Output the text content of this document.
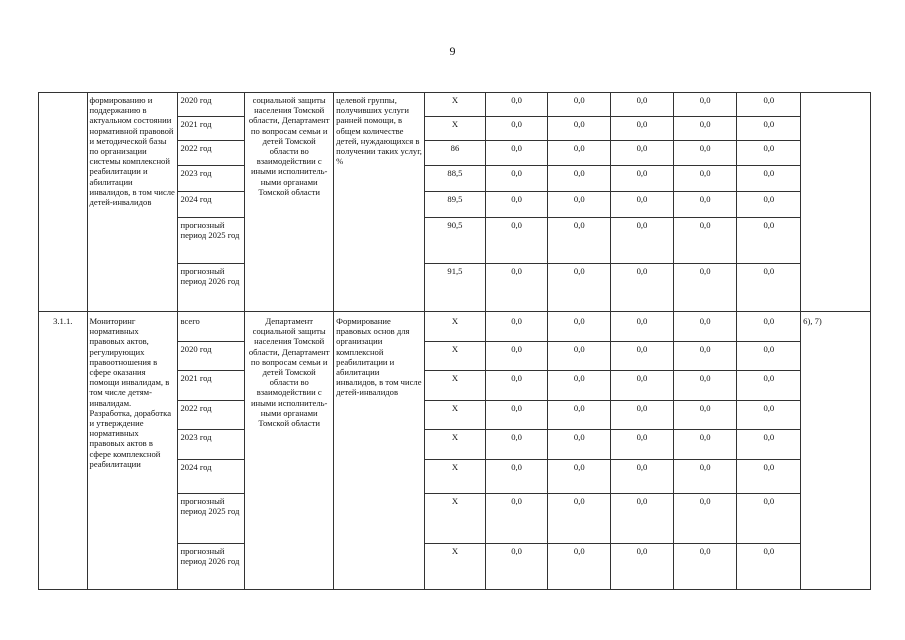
9
	формированию и поддержанию в актуальном состоянии нормативной правовой и методической базы по организации системы комплексной реабилитации и абилитации инвалидов, в том числе детей-инвалидов	2020 год	социальной защиты населения Томской области, Департамент по вопросам семьи и детей Томской области во взаимодействии с иными исполнитель- ными органами Томской области	целевой группы, получивших услуги ранней помощи, в общем количестве детей, нуждающихся в получении таких услуг, %	X	0,0	0,0	0,0	0,0	0,0	
		2021 год			X	0,0	0,0	0,0	0,0	0,0	
		2022 год			86	0,0	0,0	0,0	0,0	0,0	
		2023 год			88,5	0,0	0,0	0,0	0,0	0,0	
		2024 год			89,5	0,0	0,0	0,0	0,0	0,0	
		прогнозный период 2025 год			90,5	0,0	0,0	0,0	0,0	0,0	
		прогнозный период 2026 год			91,5	0,0	0,0	0,0	0,0	0,0	
3.1.1.	Мониторинг нормативных правовых актов, регулирующих правоотношения в сфере оказания помощи инвалидам, в том числе детям-инвалидам. Разработка, доработка и утверждение нормативных правовых актов в сфере комплексной реабилитации	всего	Департамент социальной защиты населения Томской области, Департамент по вопросам семьи и детей Томской области во взаимодействии с иными исполнитель- ными органами Томской области	Формирование правовых основ для организации комплексной реабилитации и абилитации инвалидов, в том числе детей-инвалидов	X	0,0	0,0	0,0	0,0	0,0	6), 7)
		2020 год			X	0,0	0,0	0,0	0,0	0,0	
		2021 год			X	0,0	0,0	0,0	0,0	0,0	
		2022 год			X	0,0	0,0	0,0	0,0	0,0	
		2023 год			X	0,0	0,0	0,0	0,0	0,0	
		2024 год			X	0,0	0,0	0,0	0,0	0,0	
		прогнозный период 2025 год			X	0,0	0,0	0,0	0,0	0,0	
		прогнозный период 2026 год			X	0,0	0,0	0,0	0,0	0,0	
